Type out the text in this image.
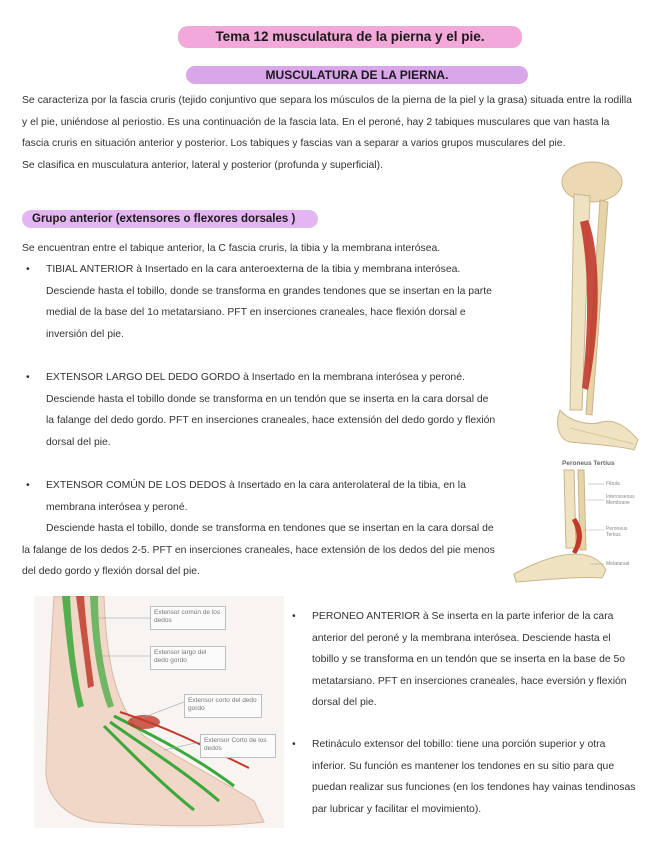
Tema 12 musculatura de la pierna y el pie.
MUSCULATURA DE LA PIERNA.
Se caracteriza por la fascia cruris (tejido conjuntivo que separa los músculos de la pierna de la piel y la grasa) situada entre la rodilla y el pie, uniéndose al periostio. Es una continuación de la fascia lata. En el peroné, hay 2 tabiques musculares que van hasta la fascia cruris en situación anterior y posterior. Los tabiques y fascias van a separar a varios grupos musculares del pie.
Se clasifica en musculatura anterior, lateral y posterior (profunda y superficial).
Grupo anterior (extensores o flexores dorsales )
Se encuentran entre el tabique anterior, la C fascia cruris, la tibia y la membrana interósea.
• TIBIAL ANTERIOR à Insertado en la cara anteroexterna de la tibia y membrana interósea. Desciende hasta el tobillo, donde se transforma en grandes tendones que se insertan en la parte medial de la base del 1o metatarsiano. PFT en inserciones craneales, hace flexión dorsal e inversión del pie.
• EXTENSOR LARGO DEL DEDO GORDO à Insertado en la membrana interósea y peroné. Desciende hasta el tobillo donde se transforma en un tendón que se inserta en la cara dorsal de la falange del dedo gordo. PFT en inserciones craneales, hace extensión del dedo gordo y flexión dorsal del pie.
• EXTENSOR COMÚN DE LOS DEDOS à Insertado en la cara anterolateral de la tibia, en la membrana interósea y peroné.
Desciende hasta el tobillo, donde se transforma en tendones que se insertan en la cara dorsal de la falange de los dedos 2-5. PFT en inserciones craneales, hace extensión de los dedos del pie menos del dedo gordo y flexión dorsal del pie.
• PERONEO ANTERIOR à Se inserta en la parte inferior de la cara anterior del peroné y la membrana interósea. Desciende hasta el tobillo y se transforma en un tendón que se inserta en la base de 5o metatarsiano. PFT en inserciones craneales, hace eversión y flexión dorsal del pie.
• Retináculo extensor del tobillo: tiene una porción superior y otra inferior. Su función es mantener los tendones en su sitio para que puedan realizar sus funciones (en los tendones hay vainas tendinosas par lubricar y facilitar el movimiento).
Peroneus Tertius
Fibula
Interosseous Membrane
Peroneus Tertius
Metatarsal
Extensor común de los dedos
Extensor largo del dedo gordo
Extensor corto del dedo gordo
Extensor Corto de los dedos
